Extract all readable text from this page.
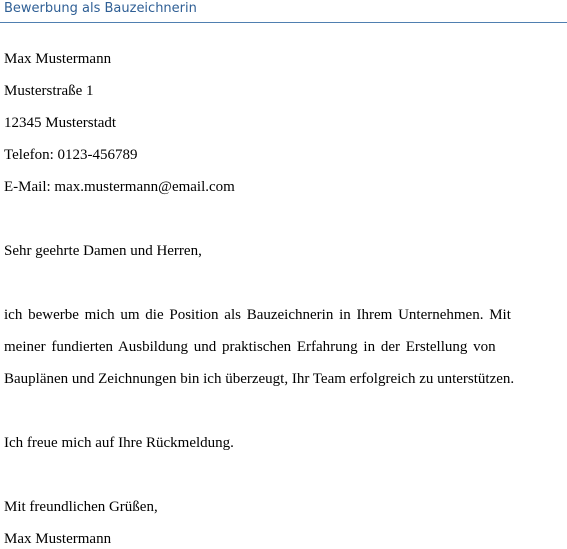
Bewerbung als Bauzeichnerin
Max Mustermann
Musterstraße 1
12345 Musterstadt
Telefon: 0123-456789
E-Mail: max.mustermann@email.com
Sehr geehrte Damen und Herren,
ich bewerbe mich um die Position als Bauzeichnerin in Ihrem Unternehmen. Mit
meiner fundierten Ausbildung und praktischen Erfahrung in der Erstellung von
Bauplänen und Zeichnungen bin ich überzeugt, Ihr Team erfolgreich zu unterstützen.
Ich freue mich auf Ihre Rückmeldung.
Mit freundlichen Grüßen,
Max Mustermann
